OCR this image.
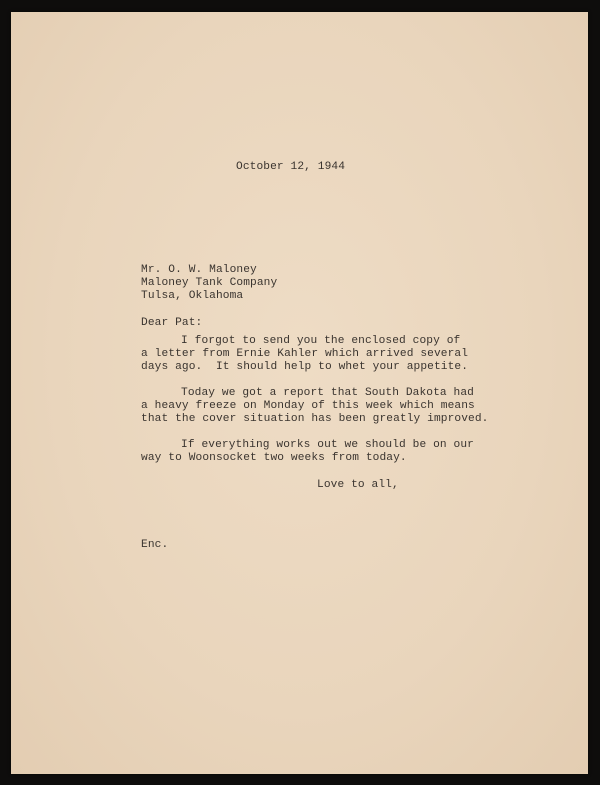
October 12, 1944
Mr. O. W. Maloney
Maloney Tank Company
Tulsa, Oklahoma
Dear Pat:
I forgot to send you the enclosed copy of
a letter from Ernie Kahler which arrived several
days ago.  It should help to whet your appetite.
Today we got a report that South Dakota had
a heavy freeze on Monday of this week which means
that the cover situation has been greatly improved.
If everything works out we should be on our
way to Woonsocket two weeks from today.
Love to all,
Enc.
